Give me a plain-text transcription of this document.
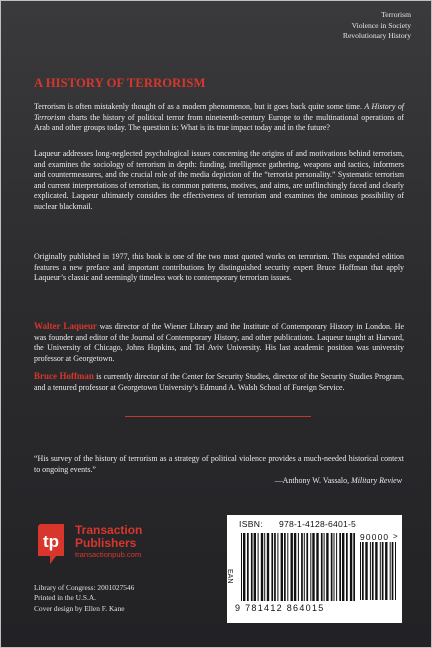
Terrorism
Violence in Society
Revolutionary History
A HISTORY OF TERRORISM

Terrorism is often mistakenly thought of as a modern phenomenon, but it goes back quite some time. A History of Terrorism charts the history of political terror from nineteenth-century Europe to the multinational operations of Arab and other groups today. The question is: What is its true impact today and in the future?

Laqueur addresses long-neglected psychological issues concerning the origins of and motivations behind terrorism, and examines the sociology of terrorism in depth: funding, intelligence gathering, weapons and tactics, informers and countermeasures, and the crucial role of the media depiction of the “terrorist personality.” Systematic terrorism and current interpretations of terrorism, its common patterns, motives, and aims, are unflinchingly faced and clearly explicated. Laqueur ultimately considers the effectiveness of terrorism and examines the ominous possibility of nuclear blackmail.

Originally published in 1977, this book is one of the two most quoted works on terrorism. This expanded edition features a new preface and important contributions by distinguished security expert Bruce Hoffman that apply Laqueur’s classic and seemingly timeless work to contemporary terrorism issues.

Walter Laqueur was director of the Wiener Library and the Institute of Contemporary History in London. He was founder and editor of the Journal of Contemporary History, and other publications. Laqueur taught at Harvard, the University of Chicago, Johns Hopkins, and Tel Aviv University. His last academic position was university professor at Georgetown.

Bruce Hoffman is currently director of the Center for Security Studies, director of the Security Studies Program, and a tenured professor at Georgetown University’s Edmund A. Walsh School of Foreign Service.

“His survey of the history of terrorism as a strategy of political violence provides a much-needed historical context to ongoing events.”
—Anthony W. Vassalo, Military Review
tp
Transaction
Publishers
transactionpub.com
Library of Congress: 2001027546
Printed in the U.S.A.
Cover design by Ellen F. Kane
ISBN: 978-1-4128-6401-5
EAN
90000 >
9 781412 864015
